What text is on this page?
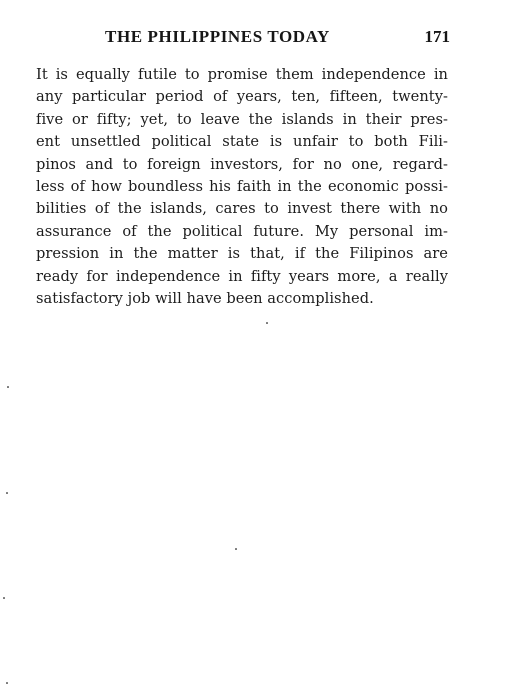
THE PHILIPPINES TODAY	171
It is equally futile to promise them independence in
any particular period of years, ten, fifteen, twenty-
five or fifty; yet, to leave the islands in their pres-
ent unsettled political state is unfair to both Fili-
pinos and to foreign investors, for no one, regard-
less of how boundless his faith in the economic possi-
bilities of the islands, cares to invest there with no
assurance of the political future. My personal im-
pression in the matter is that, if the Filipinos are
ready for independence in fifty years more, a really
satisfactory job will have been accomplished.
